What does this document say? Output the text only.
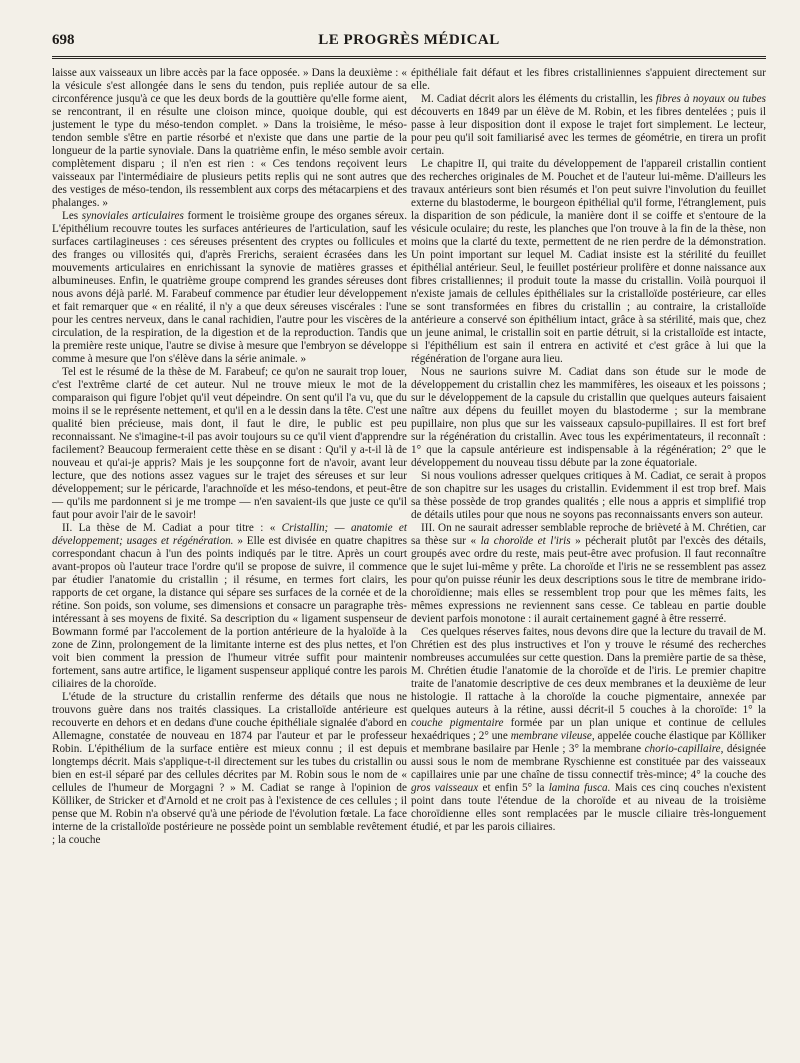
698	LE PROGRÈS MÉDICAL

laisse aux vaisseaux un libre accès par la face opposée. » Dans la deuxième : « la vésicule s'est allongée dans le sens du tendon, puis repliée autour de sa circonférence jusqu'à ce que les deux bords de la gouttière qu'elle forme aient, se rencontrant, il en résulte une cloison mince, quoique double, qui est justement le type du méso-tendon complet. » Dans la troisième, le méso-tendon semble s'être en partie résorbé et n'existe que dans une partie de la longueur de la partie synoviale. Dans la quatrième enfin, le méso semble avoir complètement disparu ; il n'en est rien : « Ces tendons reçoivent leurs vaisseaux par l'intermédiaire de plusieurs petits replis qui ne sont autres que des vestiges de méso-tendon, ils ressemblent aux corps des métacarpiens et des phalanges. »

Les synoviales articulaires forment le troisième groupe des organes séreux. L'épithélium recouvre toutes les surfaces antérieures de l'articulation, sauf les surfaces cartilagineuses : ces séreuses présentent des cryptes ou follicules et des franges ou villosités qui, d'après Frerichs, seraient écrasées dans les mouvements articulaires en enrichissant la synovie de matières grasses et albumineuses. Enfin, le quatrième groupe comprend les grandes séreuses dont nous avons déjà parlé. M. Farabeuf commence par étudier leur développement et fait remarquer que « en réalité, il n'y a que deux séreuses viscérales : l'une pour les centres nerveux, dans le canal rachidien, l'autre pour les viscères de la circulation, de la respiration, de la digestion et de la reproduction. Tandis que la première reste unique, l'autre se divise à mesure que l'embryon se développe comme à mesure que l'on s'élève dans la série animale. »

Tel est le résumé de la thèse de M. Farabeuf; ce qu'on ne saurait trop louer, c'est l'extrême clarté de cet auteur. Nul ne trouve mieux le mot de la comparaison qui figure l'objet qu'il veut dépeindre. On sent qu'il l'a vu, que du moins il se le représente nettement, et qu'il en a le dessin dans la tête. C'est une qualité bien précieuse, mais dont, il faut le dire, le public est peu reconnaissant. Ne s'imagine-t-il pas avoir toujours su ce qu'il vient d'apprendre facilement? Beaucoup fermeraient cette thèse en se disant : Qu'il y a-t-il là de nouveau et qu'ai-je appris? Mais je les soupçonne fort de n'avoir, avant leur lecture, que des notions assez vagues sur le trajet des séreuses et sur leur développement; sur le péricarde, l'arachnoïde et les méso-tendons, et peut-être — qu'ils me pardonnent si je me trompe — n'en savaient-ils que juste ce qu'il faut pour avoir l'air de le savoir!

II. La thèse de M. Cadiat a pour titre : « Cristallin; — anatomie et développement; usages et régénération. » Elle est divisée en quatre chapitres correspondant chacun à l'un des points indiqués par le titre. Après un court avant-propos où l'auteur trace l'ordre qu'il se propose de suivre, il commence par étudier l'anatomie du cristallin ; il résume, en termes fort clairs, les rapports de cet organe, la distance qui sépare ses surfaces de la cornée et de la rétine. Son poids, son volume, ses dimensions et consacre un paragraphe très-intéressant à ses moyens de fixité. Sa description du « ligament suspenseur de Bowmann formé par l'accolement de la portion antérieure de la hyaloïde à la zone de Zinn, prolongement de la limitante interne est des plus nettes, et l'on voit bien comment la pression de l'humeur vitrée suffit pour maintenir fortement, sans autre artifice, le ligament suspenseur appliqué contre les parois ciliaires de la choroïde.

L'étude de la structure du cristallin renferme des détails que nous ne trouvons guère dans nos traités classiques. La cristalloïde antérieure est recouverte en dehors et en dedans d'une couche épithéliale signalée d'abord en Allemagne, constatée de nouveau en 1874 par l'auteur et par le professeur Robin. L'épithélium de la surface entière est mieux connu ; il est depuis longtemps décrit. Mais s'applique-t-il directement sur les tubes du cristallin ou bien en est-il séparé par des cellules décrites par M. Robin sous le nom de « cellules de l'humeur de Morgagni ? » M. Cadiat se range à l'opinion de Kölliker, de Stricker et d'Arnold et ne croit pas à l'existence de ces cellules ; il pense que M. Robin n'a observé qu'à une période de l'évolution fœtale. La face interne de la cristalloïde postérieure ne possède point un semblable revêtement ; la couche

épithéliale fait défaut et les fibres cristalliniennes s'appuient directement sur elle.

M. Cadiat décrit alors les éléments du cristallin, les fibres à noyaux ou tubes découverts en 1849 par un élève de M. Robin, et les fibres dentelées ; puis il passe à leur disposition dont il expose le trajet fort simplement. Le lecteur, pour peu qu'il soit familiarisé avec les termes de géométrie, en tirera un profit certain.

Le chapitre II, qui traite du développement de l'appareil cristallin contient des recherches originales de M. Pouchet et de l'auteur lui-même. D'ailleurs les travaux antérieurs sont bien résumés et l'on peut suivre l'involution du feuillet externe du blastoderme, le bourgeon épithélial qu'il forme, l'étranglement, puis la disparition de son pédicule, la manière dont il se coiffe et s'entoure de la vésicule oculaire; du reste, les planches que l'on trouve à la fin de la thèse, non moins que la clarté du texte, permettent de ne rien perdre de la démonstration. Un point important sur lequel M. Cadiat insiste est la stérilité du feuillet épithélial antérieur. Seul, le feuillet postérieur prolifère et donne naissance aux fibres cristalliennes; il produit toute la masse du cristallin. Voilà pourquoi il n'existe jamais de cellules épithéliales sur la cristalloïde postérieure, car elles se sont transformées en fibres du cristallin ; au contraire, la cristalloïde antérieure a conservé son épithélium intact, grâce à sa stérilité, mais que, chez un jeune animal, le cristallin soit en partie détruit, si la cristalloïde est intacte, si l'épithélium est sain il entrera en activité et c'est grâce à lui que la régénération de l'organe aura lieu.

Nous ne saurions suivre M. Cadiat dans son étude sur le mode de développement du cristallin chez les mammifères, les oiseaux et les poissons ; sur le développement de la capsule du cristallin que quelques auteurs faisaient naître aux dépens du feuillet moyen du blastoderme ; sur la membrane pupillaire, non plus que sur les vaisseaux capsulo-pupillaires. Il est fort bref sur la régénération du cristallin. Avec tous les expérimentateurs, il reconnaît : 1° que la capsule antérieure est indispensable à la régénération; 2° que le développement du nouveau tissu débute par la zone équatoriale.

Si nous voulions adresser quelques critiques à M. Cadiat, ce serait à propos de son chapitre sur les usages du cristallin. Evidemment il est trop bref. Mais sa thèse possède de trop grandes qualités ; elle nous a appris et simplifié trop de détails utiles pour que nous ne soyons pas reconnaissants envers son auteur.

III. On ne saurait adresser semblable reproche de brièveté à M. Chrétien, car sa thèse sur « la choroïde et l'iris » pécherait plutôt par l'excès des détails, groupés avec ordre du reste, mais peut-être avec profusion. Il faut reconnaître que le sujet lui-même y prête. La choroïde et l'iris ne se ressemblent pas assez pour qu'on puisse réunir les deux descriptions sous le titre de membrane irido-choroïdienne; mais elles se ressemblent trop pour que les mêmes faits, les mêmes expressions ne reviennent sans cesse. Ce tableau en partie double devient parfois monotone : il aurait certainement gagné à être resserré.

Ces quelques réserves faites, nous devons dire que la lecture du travail de M. Chrétien est des plus instructives et l'on y trouve le résumé des recherches nombreuses accumulées sur cette question. Dans la première partie de sa thèse, M. Chrétien étudie l'anatomie de la choroïde et de l'iris. Le premier chapitre traite de l'anatomie descriptive de ces deux membranes et la deuxième de leur histologie. Il rattache à la choroïde la couche pigmentaire, annexée par quelques auteurs à la rétine, aussi décrit-il 5 couches à la choroïde: 1° la couche pigmentaire formée par un plan unique et continue de cellules hexaédriques ; 2° une membrane vileuse, appelée couche élastique par Kölliker et membrane basilaire par Henle ; 3° la membrane chorio-capillaire, désignée aussi sous le nom de membrane Ryschienne est constituée par des vaisseaux capillaires unie par une chaîne de tissu connectif très-mince; 4° la couche des gros vaisseaux et enfin 5° la lamina fusca. Mais ces cinq couches n'existent point dans toute l'étendue de la choroïde et au niveau de la troisième choroïdienne elles sont remplacées par le muscle ciliaire très-longuement étudié, et par les parois ciliaires.
